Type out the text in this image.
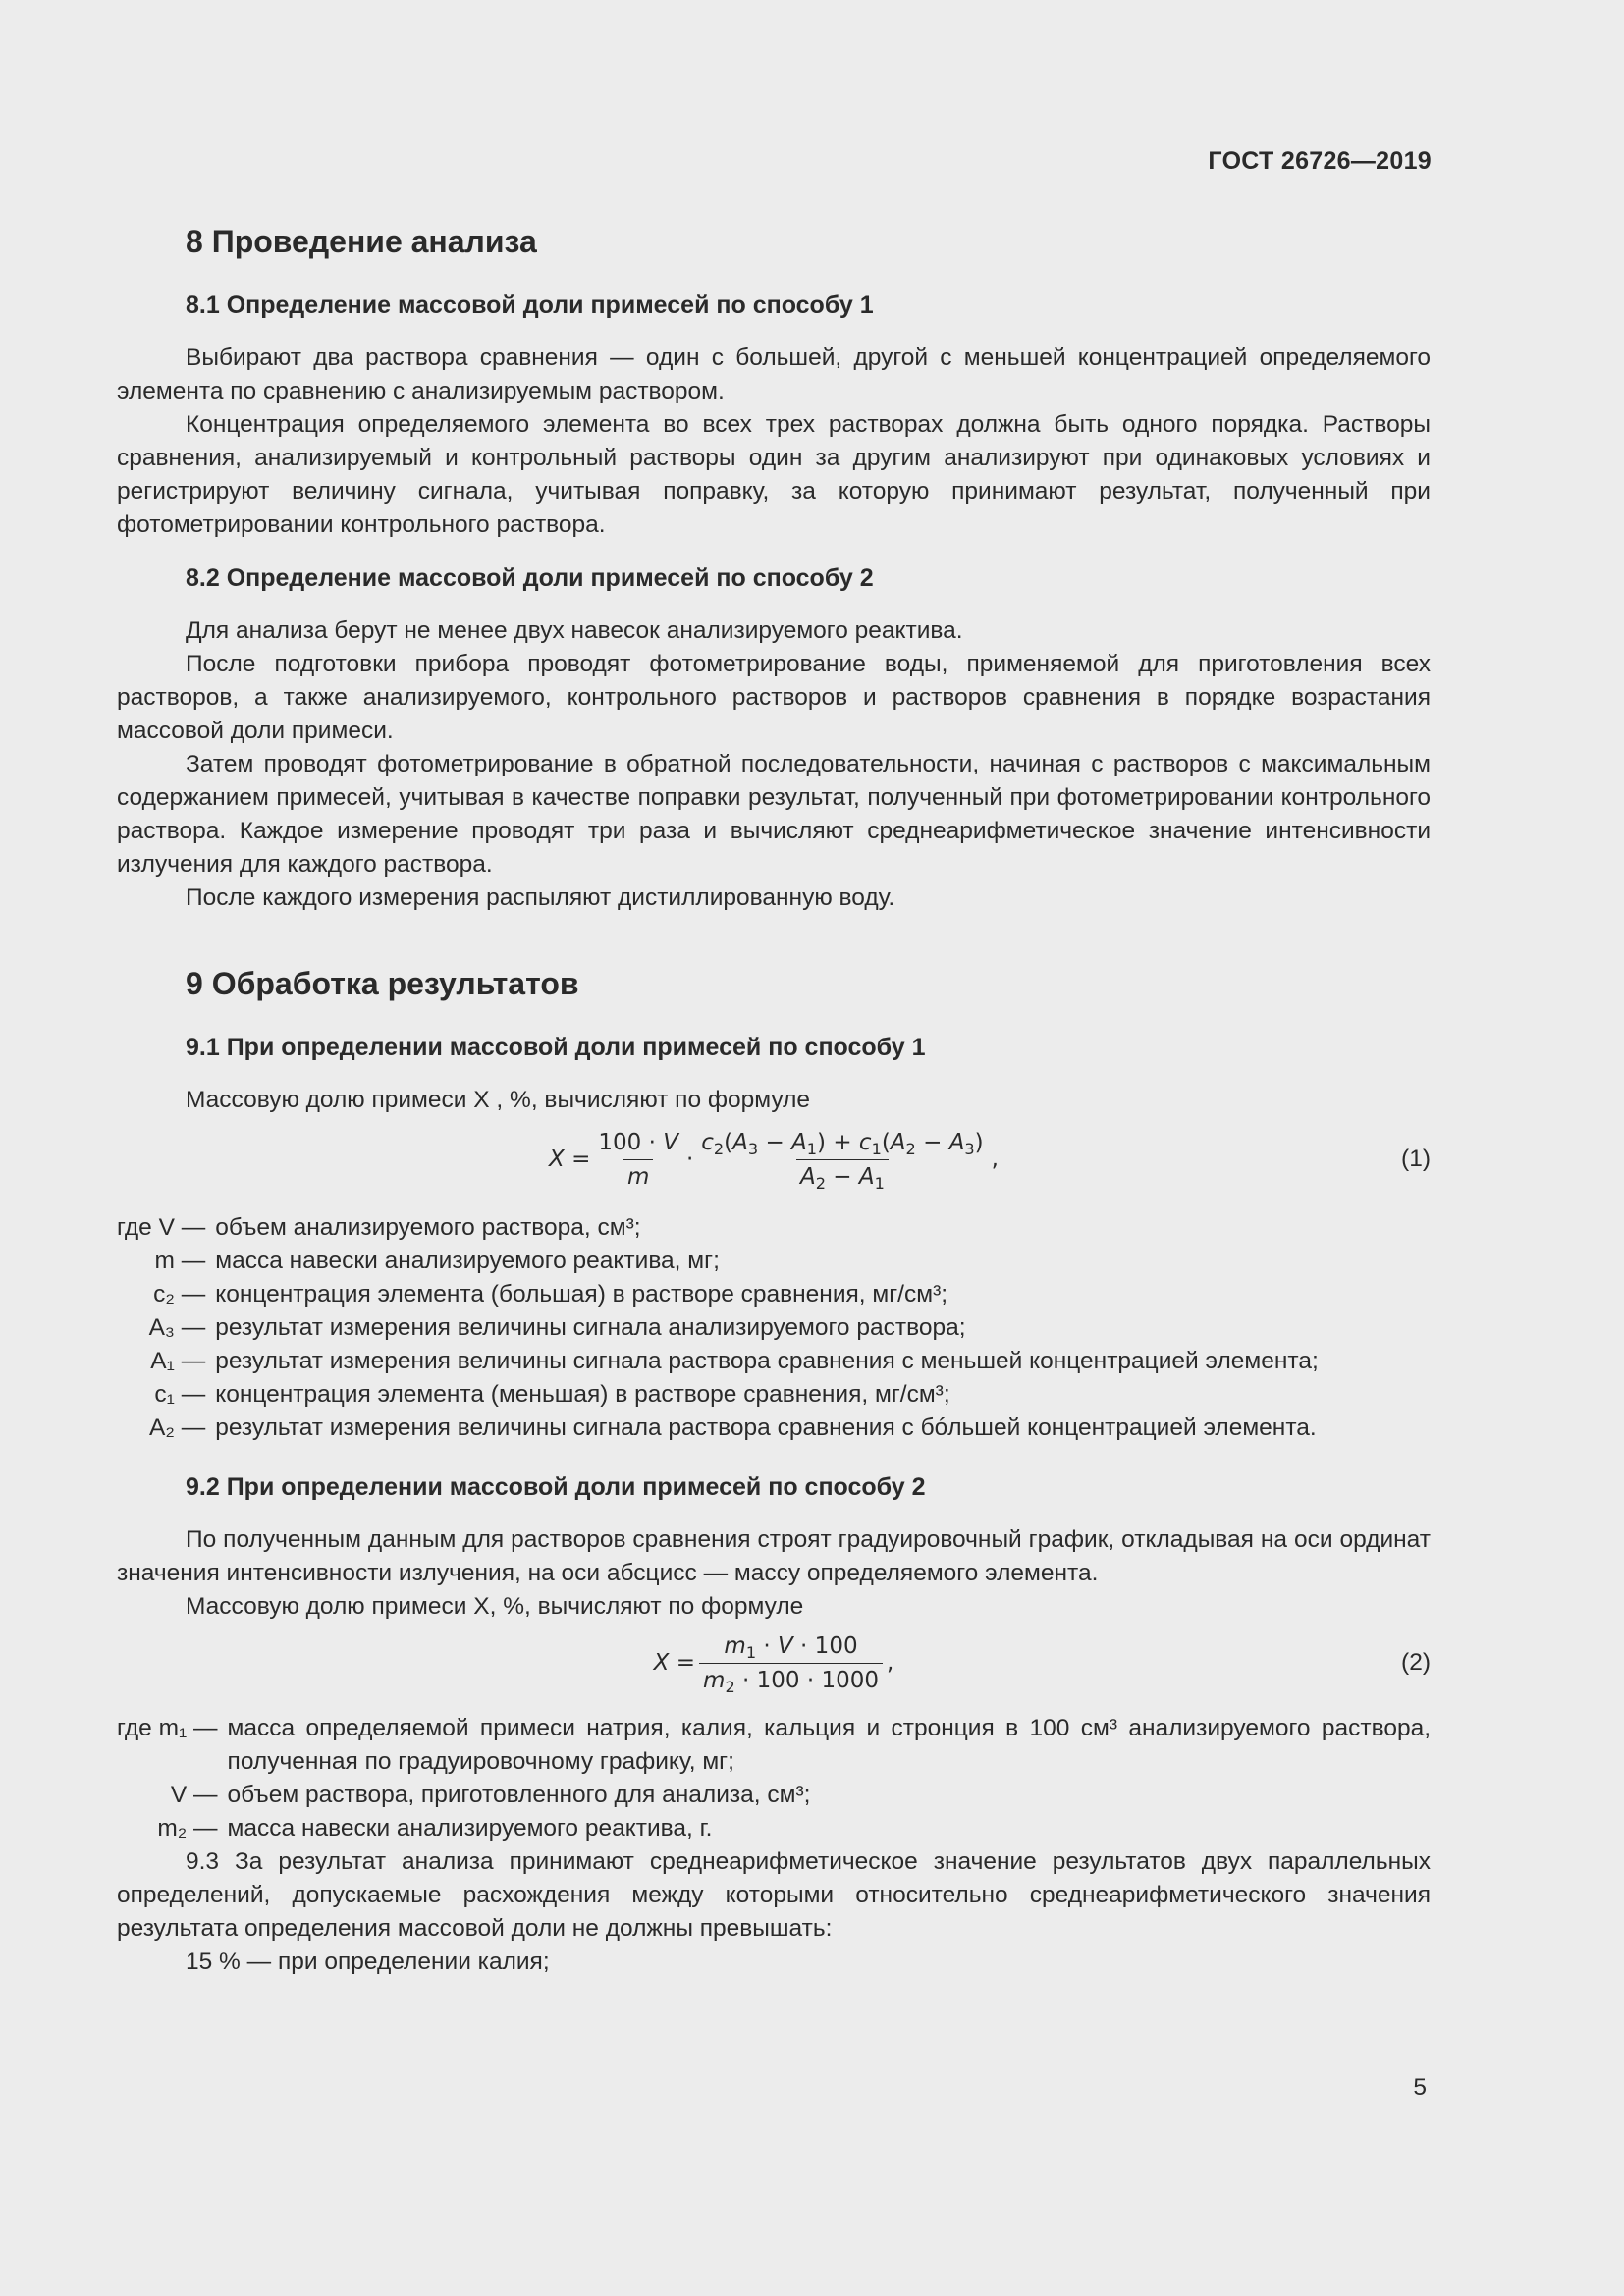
ГОСТ 26726—2019
8 Проведение анализа
8.1 Определение массовой доли примесей по способу 1

Выбирают два раствора сравнения — один с большей, другой с меньшей концентрацией определяемого элемента по сравнению с анализируемым раствором.

Концентрация определяемого элемента во всех трех растворах должна быть одного порядка. Растворы сравнения, анализируемый и контрольный растворы один за другим анализируют при одинаковых условиях и регистрируют величину сигнала, учитывая поправку, за которую принимают результат, полученный при фотометрировании контрольного раствора.

8.2 Определение массовой доли примесей по способу 2

Для анализа берут не менее двух навесок анализируемого реактива.

После подготовки прибора проводят фотометрирование воды, применяемой для приготовления всех растворов, а также анализируемого, контрольного растворов и растворов сравнения в порядке возрастания массовой доли примеси.

Затем проводят фотометрирование в обратной последовательности, начиная с растворов с максимальным содержанием примесей, учитывая в качестве поправки результат, полученный при фотометрировании контрольного раствора. Каждое измерение проводят три раза и вычисляют среднеарифметическое значение интенсивности излучения для каждого раствора.

После каждого измерения распыляют дистиллированную воду.

9 Обработка результатов
9.1 При определении массовой доли примесей по способу 1

Массовую долю примеси X , %, вычисляют по формуле

$X = \frac{100 \cdot V}{m} \cdot \frac{c_2(A_3 - A_1) + c_1(A_2 - A_3)}{A_2 - A_1}$ ,	(1)
где V — объем анализируемого раствора, см³;
m — масса навески анализируемого реактива, мг;
c₂ — концентрация элемента (большая) в растворе сравнения, мг/см³;
A₃ — результат измерения величины сигнала анализируемого раствора;
A₁ — результат измерения величины сигнала раствора сравнения с меньшей концентрацией элемента;
c₁ — концентрация элемента (меньшая) в растворе сравнения, мг/см³;
A₂ — результат измерения величины сигнала раствора сравнения с бóльшей концентрацией элемента.
9.2 При определении массовой доли примесей по способу 2

По полученным данным для растворов сравнения строят градуировочный график, откладывая на оси ординат значения интенсивности излучения, на оси абсцисс — массу определяемого элемента.

Массовую долю примеси X, %, вычисляют по формуле

$X = \frac{m_1 \cdot V \cdot 100}{m_2 \cdot 100 \cdot 1000}$ ,	(2)
где m₁ — масса определяемой примеси натрия, калия, кальция и стронция в 100 см³ анализируемого раствора, полученная по градуировочному графику, мг;
V — объем раствора, приготовленного для анализа, см³;
m₂ — масса навески анализируемого реактива, г.

9.3 За результат анализа принимают среднеарифметическое значение результатов двух параллельных определений, допускаемые расхождения между которыми относительно среднеарифметического значения результата определения массовой доли не должны превышать:

15 % — при определении калия;

5
